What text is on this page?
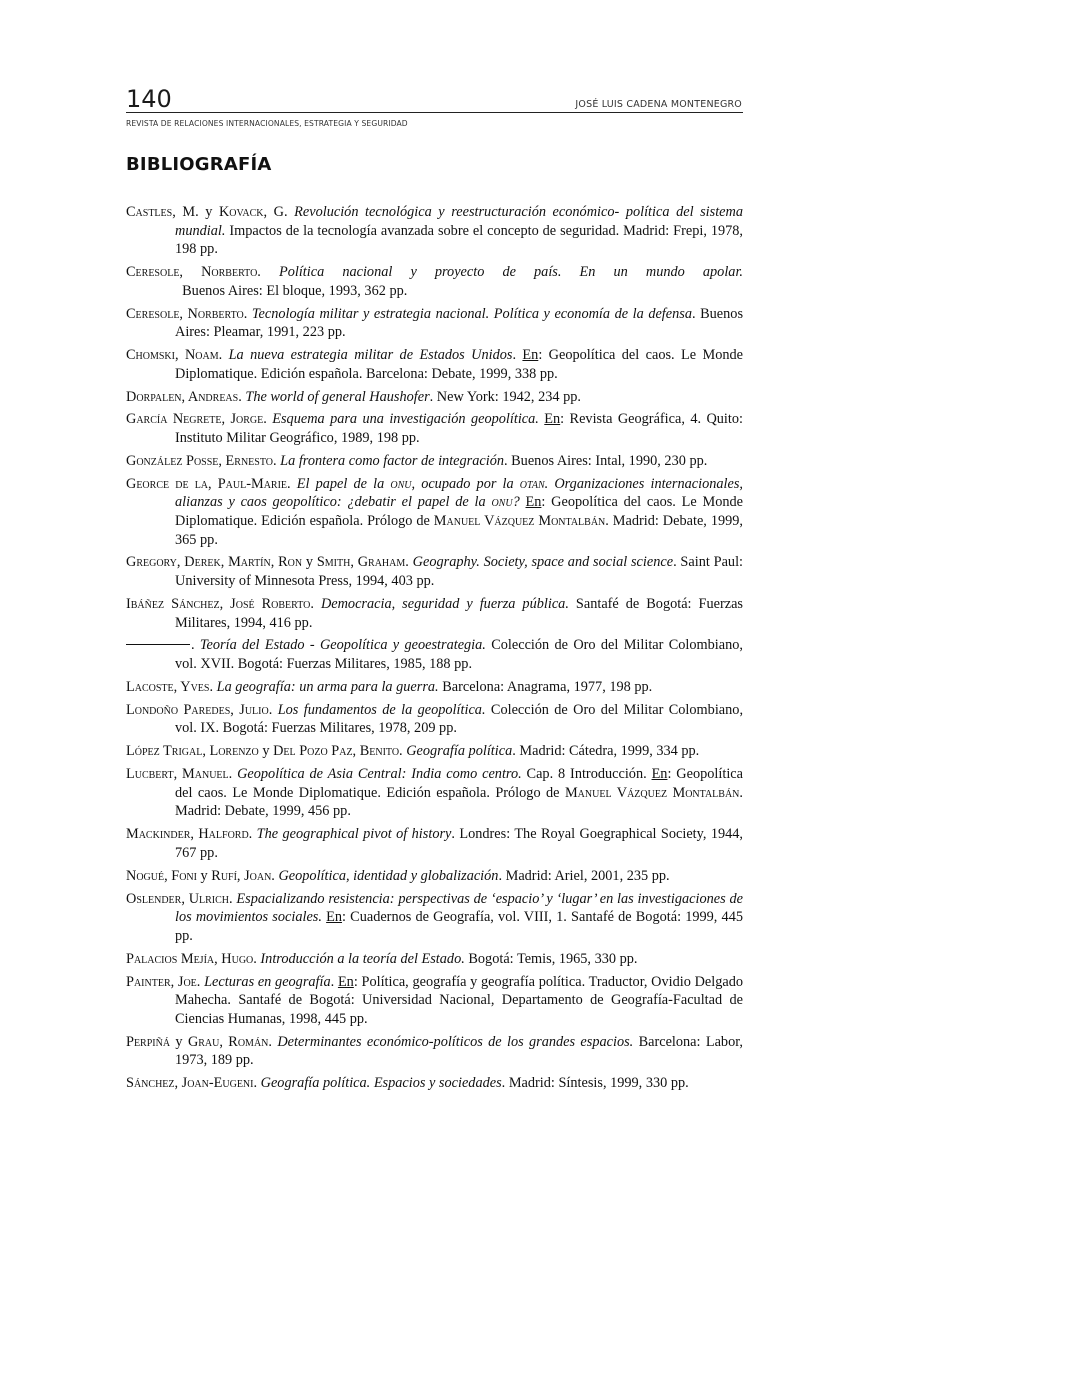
140	JOSÉ LUIS CADENA MONTENEGRO
REVISTA DE RELACIONES INTERNACIONALES, ESTRATEGIA Y SEGURIDAD
BIBLIOGRAFÍA
Castles, M. y Kovack, G. Revolución tecnológica y reestructuración económico- política del sistema mundial. Impactos de la tecnología avanzada sobre el concepto de seguridad. Madrid: Frepi, 1978, 198 pp.
Ceresole, Norberto. Política nacional y proyecto de país. En un mundo apolar.  Buenos Aires: El bloque, 1993, 362 pp.
Ceresole, Norberto. Tecnología militar y estrategia nacional. Política y economía de la defensa. Buenos Aires: Pleamar, 1991, 223 pp.
Chomski, Noam. La nueva estrategia militar de Estados Unidos. En: Geopolítica del caos. Le Monde Diplomatique. Edición española. Barcelona: Debate, 1999, 338 pp.
Dorpalen, Andreas. The world of general Haushofer. New York: 1942, 234 pp.
García Negrete, Jorge. Esquema para una investigación geopolítica. En: Revista Geográfica, 4. Quito: Instituto Militar Geográfico, 1989, 198 pp.
González Posse, Ernesto. La frontera como factor de integración. Buenos Aires: Intal, 1990, 230 pp.
Georce de la, Paul-Marie. El papel de la onu, ocupado por la otan. Organizaciones internacionales, alianzas y caos geopolítico: ¿debatir el papel de la onu? En: Geopolítica del caos. Le Monde Diplomatique. Edición española. Prólogo de Manuel Vázquez Montalbán. Madrid: Debate, 1999, 365 pp.
Gregory, Derek, Martín, Ron y Smith, Graham. Geography. Society, space and social science. Saint Paul: University of Minnesota Press, 1994, 403 pp.
Ibáñez Sánchez, José Roberto. Democracia, seguridad y fuerza pública. Santafé de Bogotá: Fuerzas Militares, 1994, 416 pp.
. Teoría del Estado - Geopolítica y geoestrategia. Colección de Oro del Militar Colombiano, vol. XVII. Bogotá: Fuerzas Militares, 1985, 188 pp.
Lacoste, Yves. La geografía: un arma para la guerra. Barcelona: Anagrama, 1977, 198 pp.
Londoño Paredes, Julio. Los fundamentos de la geopolítica. Colección de Oro del Militar Colombiano, vol. IX. Bogotá: Fuerzas Militares, 1978, 209 pp.
López Trigal, Lorenzo y Del Pozo Paz, Benito. Geografía política. Madrid: Cátedra, 1999, 334 pp.
Lucbert, Manuel. Geopolítica de Asia Central: India como centro. Cap. 8 Introducción. En: Geopolítica del caos. Le Monde Diplomatique. Edición española. Prólogo de Manuel Vázquez Montalbán. Madrid: Debate, 1999, 456 pp.
Mackinder, Halford. The geographical pivot of history. Londres: The Royal Goegraphical Society, 1944, 767 pp.
Nogué, Foni y Rufí, Joan. Geopolítica, identidad y globalización. Madrid: Ariel, 2001, 235 pp.
Oslender, Ulrich. Espacializando resistencia: perspectivas de ‘espacio’ y ‘lugar’ en las investigaciones de los movimientos sociales. En: Cuadernos de Geografía, vol. VIII, 1. Santafé de Bogotá: 1999, 445 pp.
Palacios Mejía, Hugo. Introducción a la teoría del Estado. Bogotá: Temis, 1965, 330 pp.
Painter, Joe. Lecturas en geografía. En: Política, geografía y geografía política. Traductor, Ovidio Delgado Mahecha. Santafé de Bogotá: Universidad Nacional, Departamento de Geografía-Facultad de Ciencias Humanas, 1998, 445 pp.
Perpiñá y Grau, Román. Determinantes económico-políticos de los grandes espacios. Barcelona: Labor, 1973, 189 pp.
Sánchez, Joan-Eugeni. Geografía política. Espacios y sociedades. Madrid: Síntesis, 1999, 330 pp.
